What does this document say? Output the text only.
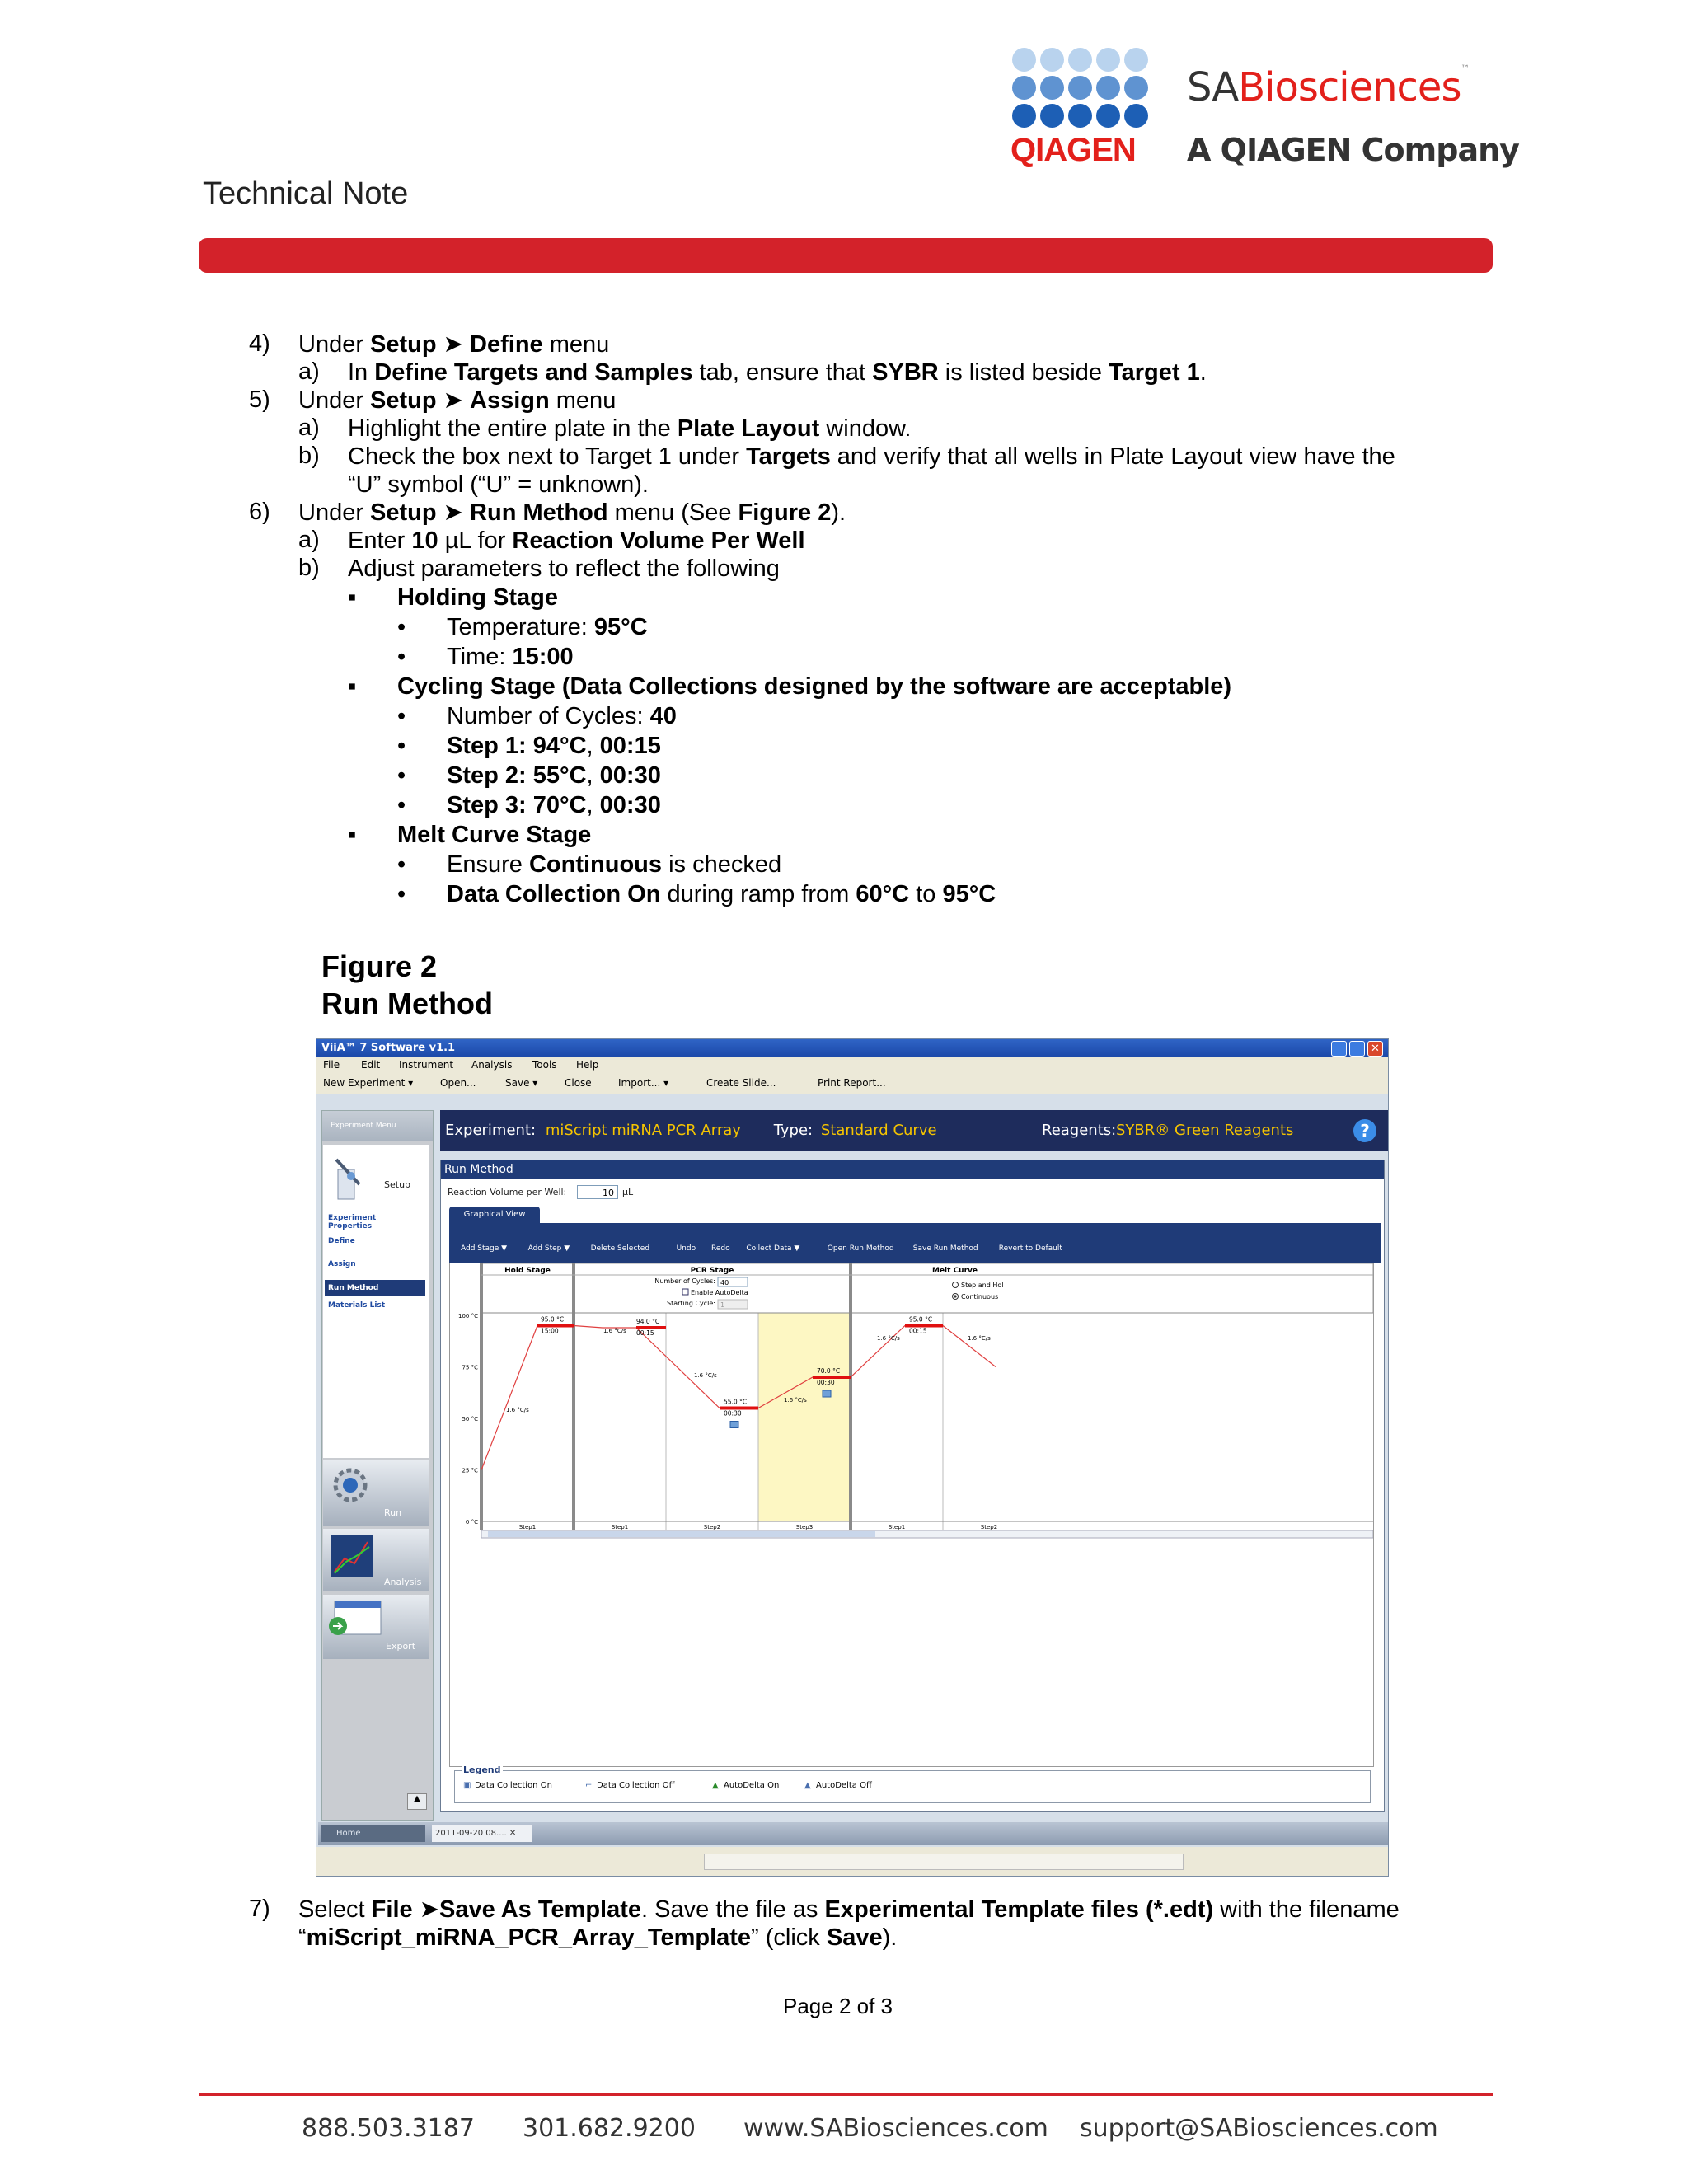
QIAGEN
SABiosciences™
A QIAGEN Company
Technical Note
4) Under Setup ➤ Define menu
a) In Define Targets and Samples tab, ensure that SYBR is listed beside Target 1.
5) Under Setup ➤ Assign menu
a) Highlight the entire plate in the Plate Layout window.
b) Check the box next to Target 1 under Targets and verify that all wells in Plate Layout view have the
“U” symbol (“U” = unknown).
6) Under Setup ➤ Run Method menu (See Figure 2).
a) Enter 10 µL for Reaction Volume Per Well
b) Adjust parameters to reflect the following
▪ Holding Stage
• Temperature: 95°C
• Time: 15:00
▪ Cycling Stage (Data Collections designed by the software are acceptable)
• Number of Cycles: 40
• Step 1: 94°C, 00:15
• Step 2: 55°C, 00:30
• Step 3: 70°C, 00:30
▪ Melt Curve Stage
• Ensure Continuous is checked
• Data Collection On during ramp from 60°C to 95°C
Figure 2
Run Method
ViiA™ 7 Software v1.1	✕
File Edit Instrument Analysis Tools Help
New Experiment ▾	Open...	Save ▾	Close	Import... ▾	Create Slide...	Print Report...
Experiment Menu
Setup
Experiment Properties
Define
Assign
Run Method
Materials List
Run
Analysis
Export
▲
Home	2011-09-20 08.... ✕
Experiment: miScript miRNA PCR Array Type: Standard Curve	Reagents: SYBR® Green Reagents	?
Run Method
Reaction Volume per Well:	10 µL
Graphical View
Add Stage ▼	Add Step ▼	Delete Selected	Undo Redo Collect Data ▼	Open Run Method	Save Run Method	Revert to Default
Hold Stage	PCR Stage	Melt Curve
Number of Cycles: 40
Enable AutoDelta
Starting Cycle: 1
Step and Hol
Continuous
100 °C
75 °C
50 °C
25 °C
0 °C
95.0 °C
15:00
94.0 °C
00:15
55.0 °C
00:30
70.0 °C
00:30
95.0 °C
00:15
1.6 °C/s
1.6 °C/s
1.6 °C/s
1.6 °C/s
1.6 °C/s	1.6 °C/s
Step1	Step1	Step2	Step3	Step1	Step2
Legend
▣ Data Collection On	⌐ Data Collection Off	▲ AutoDelta On	▲ AutoDelta Off
7) Select File ➤Save As Template. Save the file as Experimental Template files (*.edt) with the filename
“miScript_miRNA_PCR_Array_Template” (click Save).
Page 2 of 3
888.503.3187 301.682.9200 www.SABiosciences.com support@SABiosciences.com
